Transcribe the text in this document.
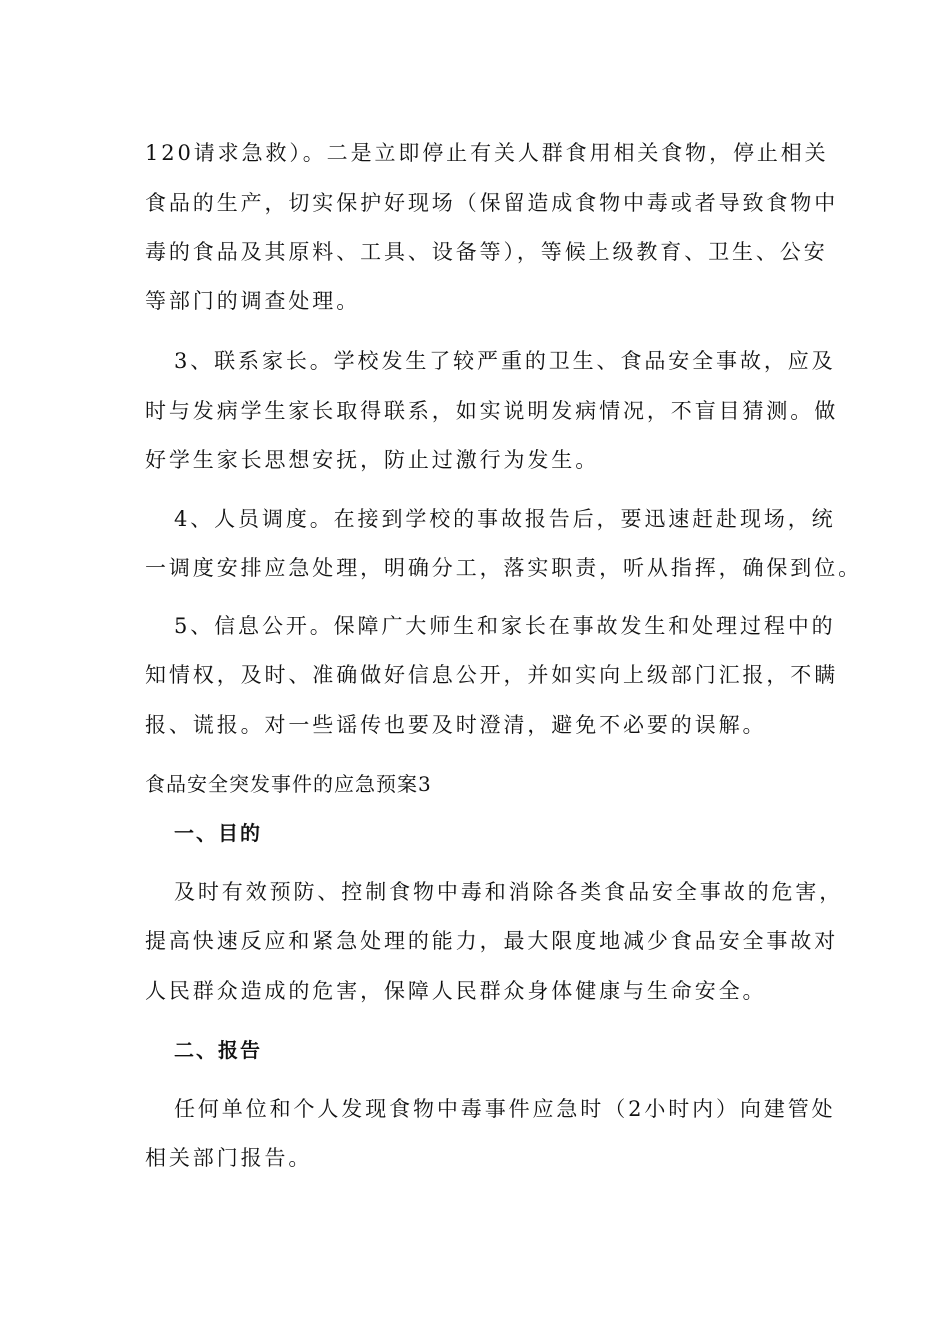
120请求急救）。二是立即停止有关人群食用相关食物，停止相关
食品的生产，切实保护好现场（保留造成食物中毒或者导致食物中
毒的食品及其原料、工具、设备等），等候上级教育、卫生、公安
等部门的调查处理。
3、联系家长。学校发生了较严重的卫生、食品安全事故，应及
时与发病学生家长取得联系，如实说明发病情况，不盲目猜测。做
好学生家长思想安抚，防止过激行为发生。
4、人员调度。在接到学校的事故报告后，要迅速赶赴现场，统
一调度安排应急处理，明确分工，落实职责，听从指挥，确保到位。
5、信息公开。保障广大师生和家长在事故发生和处理过程中的
知情权，及时、准确做好信息公开，并如实向上级部门汇报，不瞒
报、谎报。对一些谣传也要及时澄清，避免不必要的误解。
食品安全突发事件的应急预案3
一、目的
及时有效预防、控制食物中毒和消除各类食品安全事故的危害，
提高快速反应和紧急处理的能力，最大限度地减少食品安全事故对
人民群众造成的危害，保障人民群众身体健康与生命安全。
二、报告
任何单位和个人发现食物中毒事件应急时（2小时内）向建管处
相关部门报告。
